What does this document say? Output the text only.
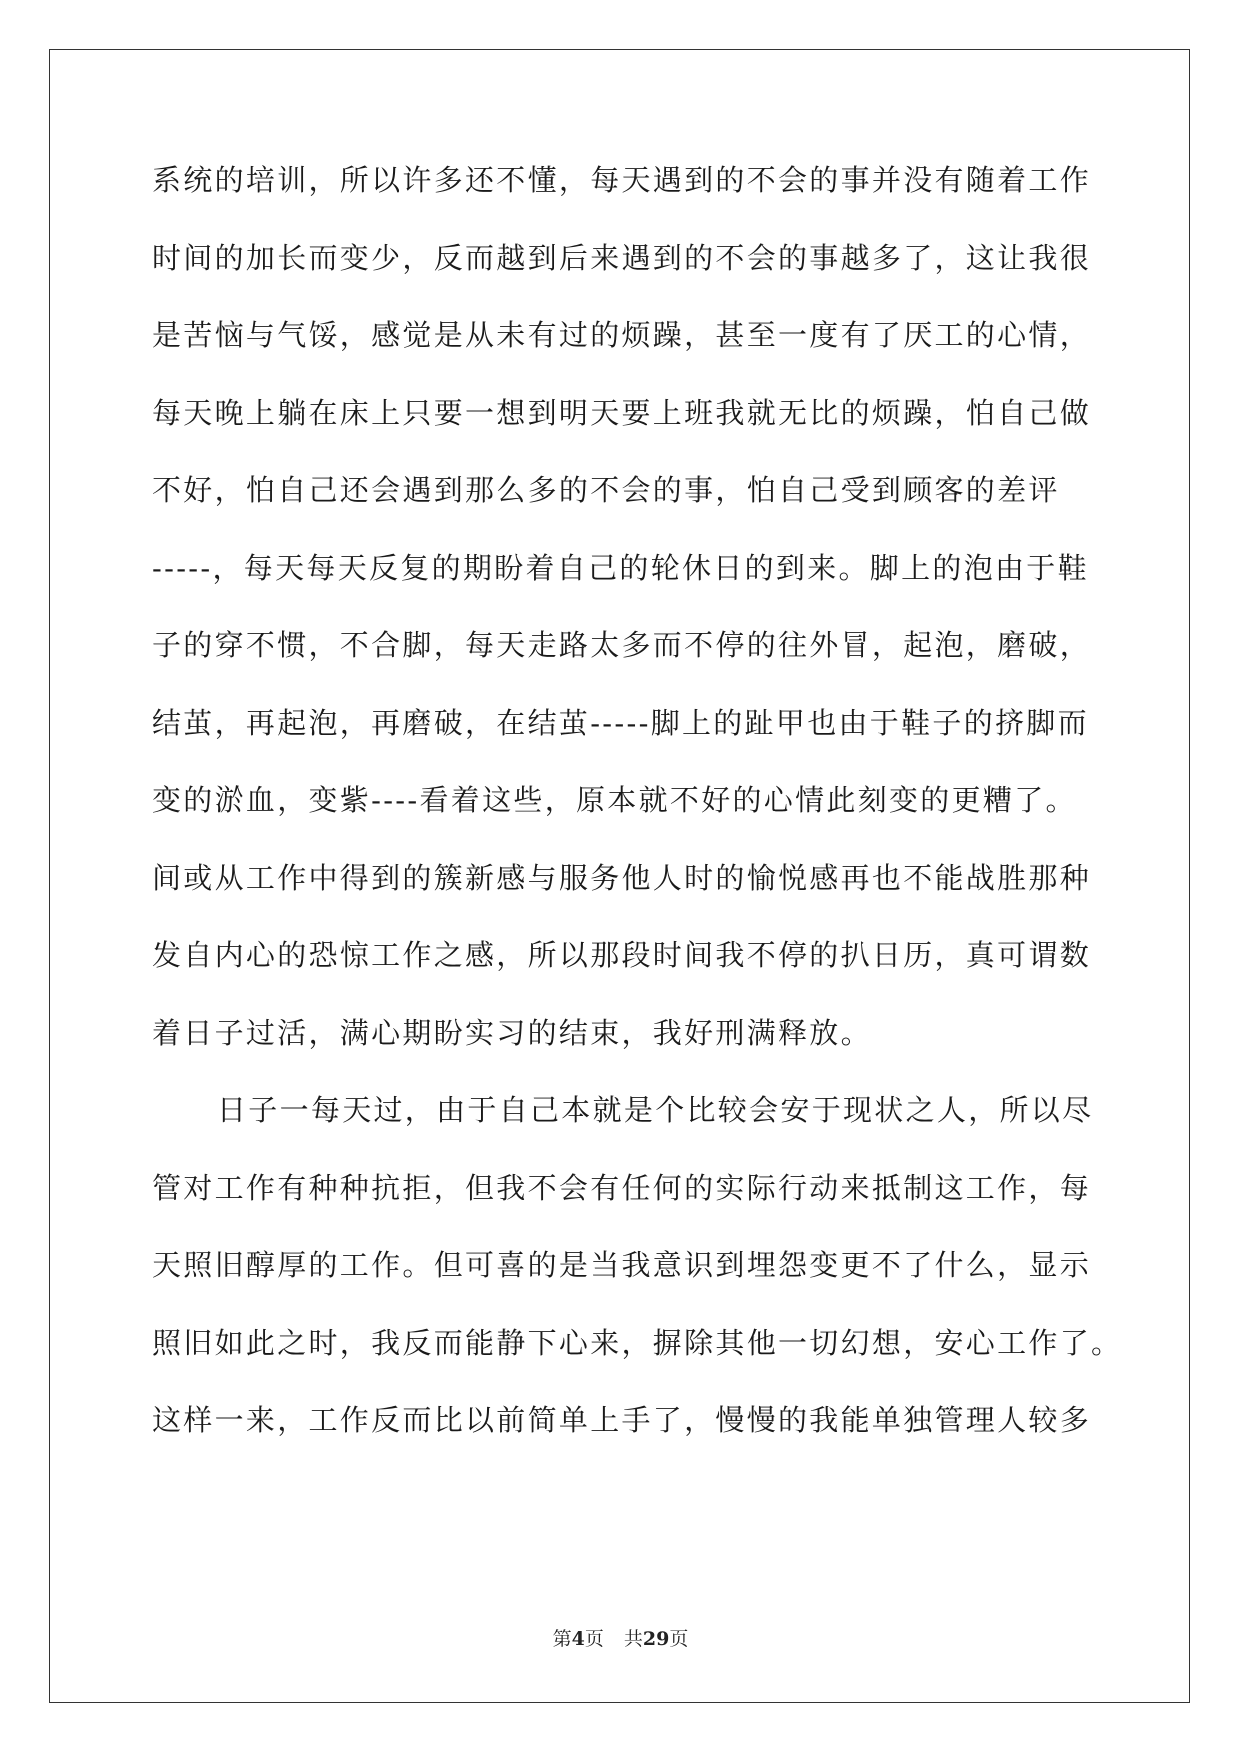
系统的培训，所以许多还不懂，每天遇到的不会的事并没有随着工作
时间的加长而变少，反而越到后来遇到的不会的事越多了，这让我很
是苦恼与气馁，感觉是从未有过的烦躁，甚至一度有了厌工的心情，
每天晚上躺在床上只要一想到明天要上班我就无比的烦躁，怕自己做
不好，怕自己还会遇到那么多的不会的事，怕自己受到顾客的差评
-----，每天每天反复的期盼着自己的轮休日的到来。脚上的泡由于鞋
子的穿不惯，不合脚，每天走路太多而不停的往外冒，起泡，磨破，
结茧，再起泡，再磨破，在结茧-----脚上的趾甲也由于鞋子的挤脚而
变的淤血，变紫----看着这些，原本就不好的心情此刻变的更糟了。
间或从工作中得到的簇新感与服务他人时的愉悦感再也不能战胜那种
发自内心的恐惊工作之感，所以那段时间我不停的扒日历，真可谓数
着日子过活，满心期盼实习的结束，我好刑满释放。
日子一每天过，由于自己本就是个比较会安于现状之人，所以尽
管对工作有种种抗拒，但我不会有任何的实际行动来抵制这工作，每
天照旧醇厚的工作。但可喜的是当我意识到埋怨变更不了什么，显示
照旧如此之时，我反而能静下心来，摒除其他一切幻想，安心工作了。
这样一来，工作反而比以前简单上手了，慢慢的我能单独管理人较多
第4页 共29页
